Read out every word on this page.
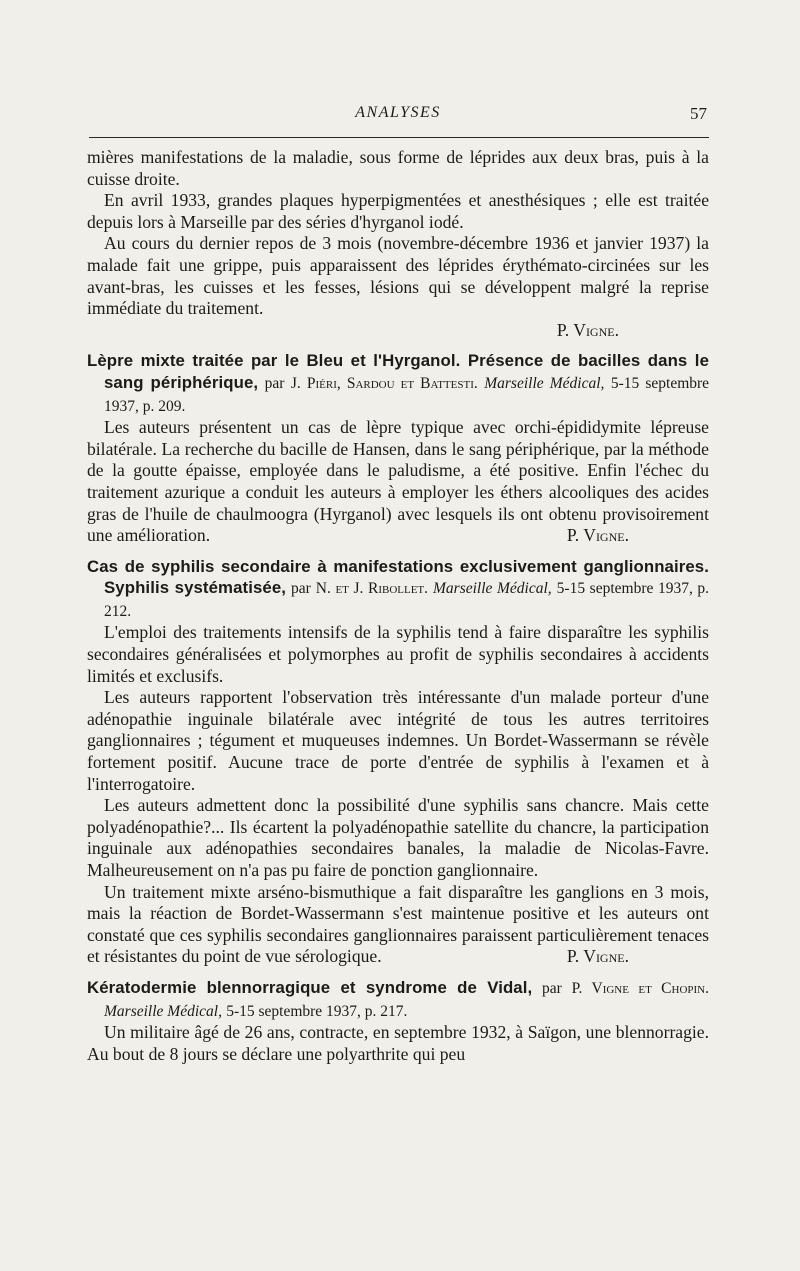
ANALYSES	57

mières manifestations de la maladie, sous forme de léprides aux deux bras, puis à la cuisse droite.

En avril 1933, grandes plaques hyperpigmentées et anesthésiques ; elle est traitée depuis lors à Marseille par des séries d'hyrganol iodé.

Au cours du dernier repos de 3 mois (novembre-décembre 1936 et janvier 1937) la malade fait une grippe, puis apparaissent des léprides érythémato-circinées sur les avant-bras, les cuisses et les fesses, lésions qui se développent malgré la reprise immédiate du traitement.

P. Vigne.

Lèpre mixte traitée par le Bleu et l'Hyrganol. Présence de bacilles dans le sang périphérique, par J. Piéri, Sardou et Battesti. Marseille Médical, 5-15 septembre 1937, p. 209.

Les auteurs présentent un cas de lèpre typique avec orchi-épididymite lépreuse bilatérale. La recherche du bacille de Hansen, dans le sang périphérique, par la méthode de la goutte épaisse, employée dans le paludisme, a été positive. Enfin l'échec du traitement azurique a conduit les auteurs à employer les éthers alcooliques des acides gras de l'huile de chaulmoogra (Hyrganol) avec lesquels ils ont obtenu provisoirement une amélioration.	P. Vigne.

Cas de syphilis secondaire à manifestations exclusivement ganglionnaires. Syphilis systématisée, par N. et J. Ribollet. Marseille Médical, 5-15 septembre 1937, p. 212.

L'emploi des traitements intensifs de la syphilis tend à faire disparaître les syphilis secondaires généralisées et polymorphes au profit de syphilis secondaires à accidents limités et exclusifs.

Les auteurs rapportent l'observation très intéressante d'un malade porteur d'une adénopathie inguinale bilatérale avec intégrité de tous les autres territoires ganglionnaires ; tégument et muqueuses indemnes. Un Bordet-Wassermann se révèle fortement positif. Aucune trace de porte d'entrée de syphilis à l'examen et à l'interrogatoire.

Les auteurs admettent donc la possibilité d'une syphilis sans chancre. Mais cette polyadénopathie?... Ils écartent la polyadénopathie satellite du chancre, la participation inguinale aux adénopathies secondaires banales, la maladie de Nicolas-Favre. Malheureusement on n'a pas pu faire de ponction ganglionnaire.

Un traitement mixte arséno-bismuthique a fait disparaître les ganglions en 3 mois, mais la réaction de Bordet-Wassermann s'est maintenue positive et les auteurs ont constaté que ces syphilis secondaires ganglionnaires paraissent particulièrement tenaces et résistantes du point de vue sérologique.	P. Vigne.

Kératodermie blennorragique et syndrome de Vidal, par P. Vigne et Chopin. Marseille Médical, 5-15 septembre 1937, p. 217.

Un militaire âgé de 26 ans, contracte, en septembre 1932, à Saïgon, une blennorragie. Au bout de 8 jours se déclare une polyarthrite qui peu
